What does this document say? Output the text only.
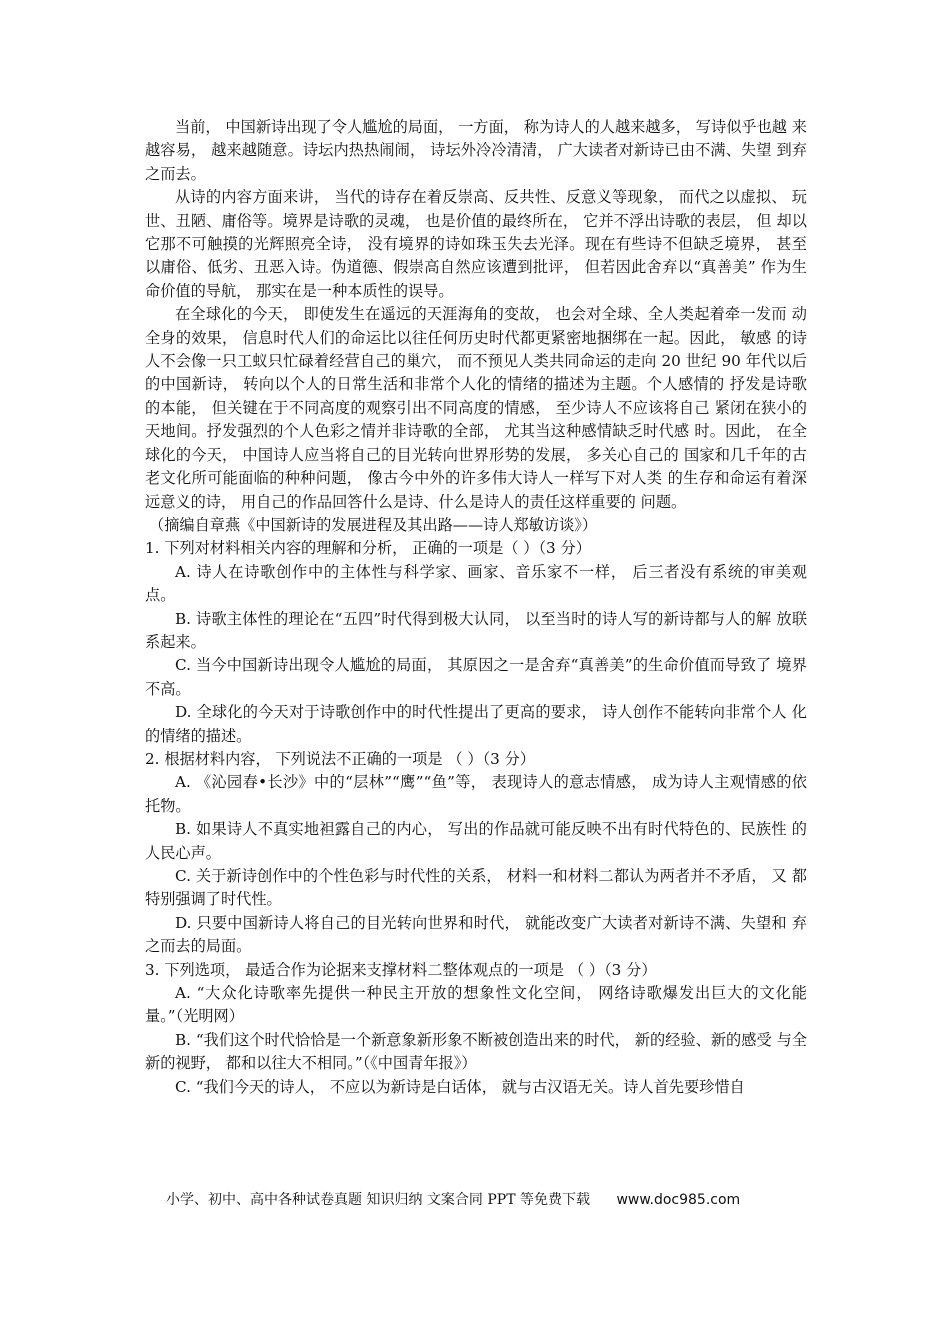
当前， 中国新诗出现了令人尴尬的局面， 一方面， 称为诗人的人越来越多， 写诗似乎也越 来越容易， 越来越随意。诗坛内热热闹闹， 诗坛外冷冷清清， 广大读者对新诗已由不满、失望 到弃之而去。

从诗的内容方面来讲， 当代的诗存在着反崇高、反共性、反意义等现象， 而代之以虚拟、 玩世、丑陋、庸俗等。境界是诗歌的灵魂， 也是价值的最终所在， 它并不浮出诗歌的表层， 但 却以它那不可触摸的光辉照亮全诗， 没有境界的诗如珠玉失去光泽。现在有些诗不但缺乏境界， 甚至以庸俗、低劣、丑恶入诗。伪道德、假崇高自然应该遭到批评， 但若因此舍弃以“真善美” 作为生命价值的导航， 那实在是一种本质性的误导。

在全球化的今天， 即使发生在遥远的天涯海角的变故， 也会对全球、全人类起着牵一发而 动全身的效果， 信息时代人们的命运比以往任何历史时代都更紧密地捆绑在一起。因此， 敏感 的诗人不会像一只工蚁只忙碌着经营自己的巢穴， 而不预见人类共同命运的走向 20 世纪 90 年代以后的中国新诗， 转向以个人的日常生活和非常个人化的情绪的描述为主题。个人感情的 抒发是诗歌的本能， 但关键在于不同高度的观察引出不同高度的情感， 至少诗人不应该将自己 紧闭在狭小的天地间。抒发强烈的个人色彩之情并非诗歌的全部， 尤其当这种感情缺乏时代感 时。因此， 在全球化的今天， 中国诗人应当将自己的目光转向世界形势的发展， 多关心自己的 国家和几千年的古老文化所可能面临的种种问题， 像古今中外的许多伟大诗人一样写下对人类 的生存和命运有着深远意义的诗， 用自己的作品回答什么是诗、什么是诗人的责任这样重要的 问题。

（摘编自章燕《中国新诗的发展进程及其出路——诗人郑敏访谈》）

1. 下列对材料相关内容的理解和分析， 正确的一项是（ ）（3 分）

A. 诗人在诗歌创作中的主体性与科学家、画家、音乐家不一样， 后三者没有系统的审美观点。

B. 诗歌主体性的理论在“五四”时代得到极大认同， 以至当时的诗人写的新诗都与人的解 放联系起来。

C. 当今中国新诗出现令人尴尬的局面， 其原因之一是舍弃“真善美”的生命价值而导致了 境界不高。

D. 全球化的今天对于诗歌创作中的时代性提出了更高的要求， 诗人创作不能转向非常个人 化的情绪的描述。

2. 根据材料内容， 下列说法不正确的一项是 （ ）（3 分）

A. 《沁园春•长沙》中的“层林”“鹰”“鱼”等， 表现诗人的意志情感， 成为诗人主观情感的依托物。

B. 如果诗人不真实地袒露自己的内心， 写出的作品就可能反映不出有时代特色的、民族性 的人民心声。

C. 关于新诗创作中的个性色彩与时代性的关系， 材料一和材料二都认为两者并不矛盾， 又 都特别强调了时代性。

D. 只要中国新诗人将自己的目光转向世界和时代， 就能改变广大读者对新诗不满、失望和 弃之而去的局面。

3. 下列选项， 最适合作为论据来支撑材料二整体观点的一项是 （ ）（3 分）

A. “大众化诗歌率先提供一种民主开放的想象性文化空间， 网络诗歌爆发出巨大的文化能 量。”（光明网）

B. “我们这个时代恰恰是一个新意象新形象不断被创造出来的时代， 新的经验、新的感受 与全新的视野， 都和以往大不相同。”（《中国青年报》）

C. “我们今天的诗人， 不应以为新诗是白话体， 就与古汉语无关。诗人首先要珍惜自

小学、初中、高中各种试卷真题 知识归纳 文案合同 PPT 等免费下载 www.doc985.com
